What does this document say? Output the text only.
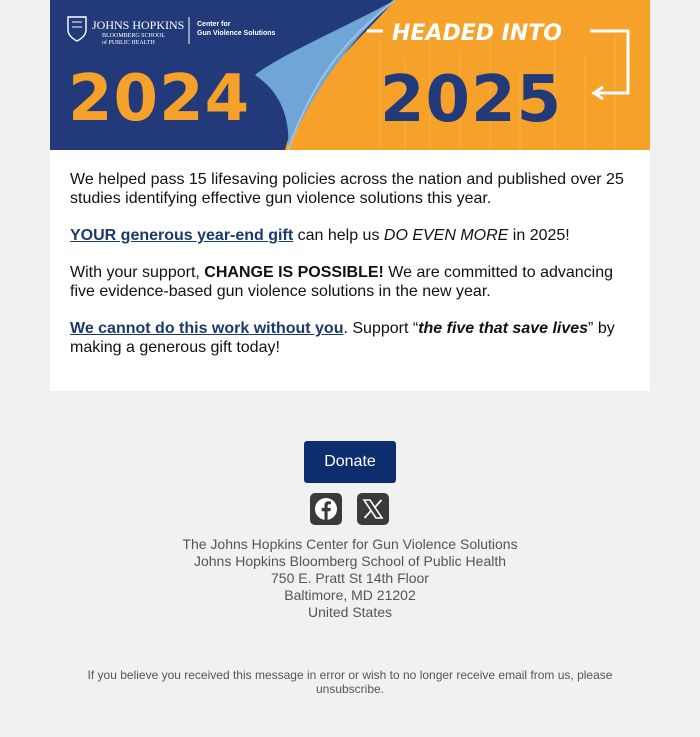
JOHNS HOPKINS
BLOOMBERG SCHOOL
of PUBLIC HEALTH
Center for
Gun Violence Solutions
2024
HEADED INTO
2025

We helped pass 15 lifesaving policies across the nation and published over 25 studies identifying effective gun violence solutions this year.

YOUR generous year-end gift can help us DO EVEN MORE in 2025!

With your support, CHANGE IS POSSIBLE! We are committed to advancing five evidence-based gun violence solutions in the new year.

We cannot do this work without you. Support “the five that save lives” by making a generous gift today!

Donate
The Johns Hopkins Center for Gun Violence Solutions
Johns Hopkins Bloomberg School of Public Health
750 E. Pratt St 14th Floor
Baltimore, MD 21202
United States
If you believe you received this message in error or wish to no longer receive email from us, please unsubscribe.
